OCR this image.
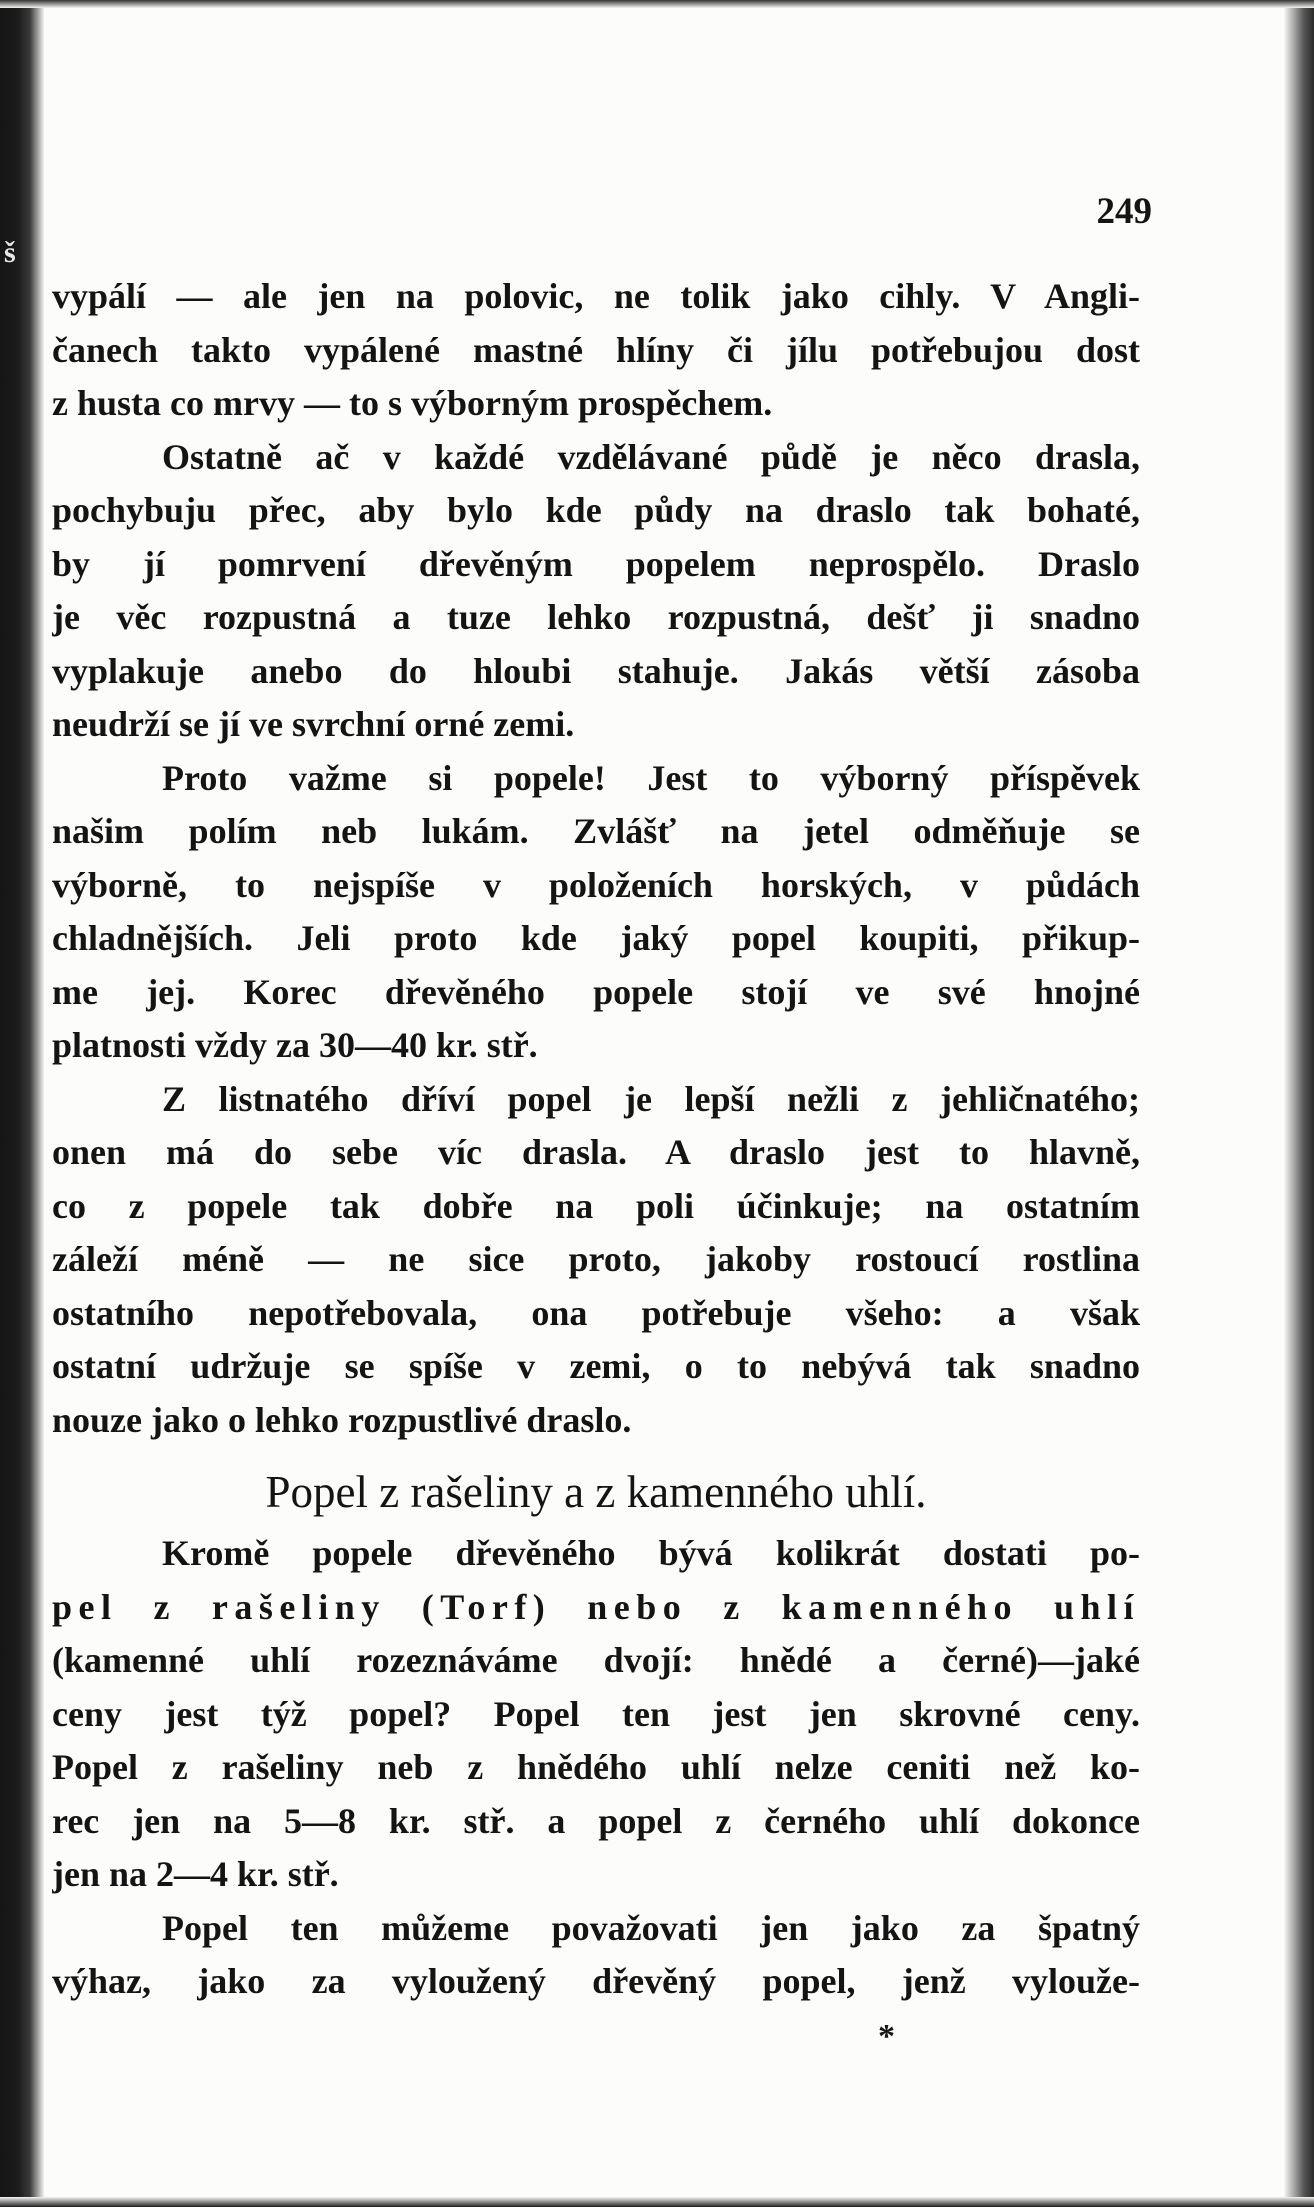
š
249
vypálí — ale jen na polovic, ne tolik jako cihly. V Angli-
čanech takto vypálené mastné hlíny či jílu potřebujou dost
z husta co mrvy — to s výborným prospěchem.
Ostatně ač v každé vzdělávané půdě je něco drasla,
pochybuju přec, aby bylo kde půdy na draslo tak bohaté,
by jí pomrvení dřevěným popelem neprospělo. Draslo
je věc rozpustná a tuze lehko rozpustná, dešť ji snadno
vyplakuje anebo do hloubi stahuje. Jakás větší zásoba
neudrží se jí ve svrchní orné zemi.
Proto važme si popele! Jest to výborný příspěvek
našim polím neb lukám. Zvlášť na jetel odměňuje se
výborně, to nejspíše v položeních horských, v půdách
chladnějších. Jeli proto kde jaký popel koupiti, přikup-
me jej. Korec dřevěného popele stojí ve své hnojné
platnosti vždy za 30—40 kr. stř.
Z listnatého dříví popel je lepší nežli z jehličnatého;
onen má do sebe víc drasla. A draslo jest to hlavně,
co z popele tak dobře na poli účinkuje; na ostatním
záleží méně — ne sice proto, jakoby rostoucí rostlina
ostatního nepotřebovala, ona potřebuje všeho: a však
ostatní udržuje se spíše v zemi, o to nebývá tak snadno
nouze jako o lehko rozpustlivé draslo.
Popel z rašeliny a z kamenného uhlí.
Kromě popele dřevěného bývá kolikrát dostati po-
pel z rašeliny (Torf) nebo z kamenného uhlí
(kamenné uhlí rozeznáváme dvojí: hnědé a černé)—jaké
ceny jest týž popel? Popel ten jest jen skrovné ceny.
Popel z rašeliny neb z hnědého uhlí nelze ceniti než ko-
rec jen na 5—8 kr. stř. a popel z černého uhlí dokonce
jen na 2—4 kr. stř.
Popel ten můžeme považovati jen jako za špatný
výhaz, jako za vyloužený dřevěný popel, jenž vylouže-
*
